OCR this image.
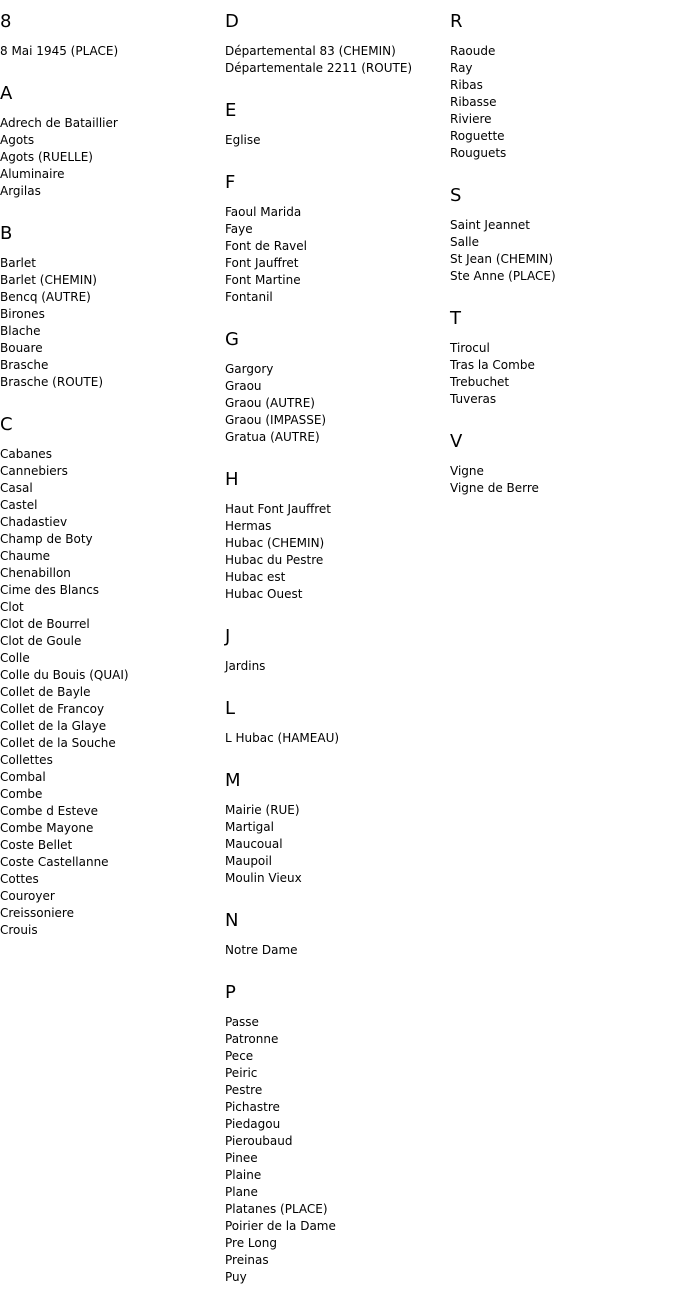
8
8 Mai 1945 (PLACE)
A
Adrech de Bataillier
Agots
Agots (RUELLE)
Aluminaire
Argilas
B
Barlet
Barlet (CHEMIN)
Bencq (AUTRE)
Birones
Blache
Bouare
Brasche
Brasche (ROUTE)
C
Cabanes
Cannebiers
Casal
Castel
Chadastiev
Champ de Boty
Chaume
Chenabillon
Cime des Blancs
Clot
Clot de Bourrel
Clot de Goule
Colle
Colle du Bouis (QUAI)
Collet de Bayle
Collet de Francoy
Collet de la Glaye
Collet de la Souche
Collettes
Combal
Combe
Combe d Esteve
Combe Mayone
Coste Bellet
Coste Castellanne
Cottes
Couroyer
Creissoniere
Crouis
D
Départemental 83 (CHEMIN)
Départementale 2211 (ROUTE)
E
Eglise
F
Faoul Marida
Faye
Font de Ravel
Font Jauffret
Font Martine
Fontanil
G
Gargory
Graou
Graou (AUTRE)
Graou (IMPASSE)
Gratua (AUTRE)
H
Haut Font Jauffret
Hermas
Hubac (CHEMIN)
Hubac du Pestre
Hubac est
Hubac Ouest
J
Jardins
L
L Hubac (HAMEAU)
M
Mairie (RUE)
Martigal
Maucoual
Maupoil
Moulin Vieux
N
Notre Dame
P
Passe
Patronne
Pece
Peiric
Pestre
Pichastre
Piedagou
Pieroubaud
Pinee
Plaine
Plane
Platanes (PLACE)
Poirier de la Dame
Pre Long
Preinas
Puy
R
Raoude
Ray
Ribas
Ribasse
Riviere
Roguette
Rouguets
S
Saint Jeannet
Salle
St Jean (CHEMIN)
Ste Anne (PLACE)
T
Tirocul
Tras la Combe
Trebuchet
Tuveras
V
Vigne
Vigne de Berre
